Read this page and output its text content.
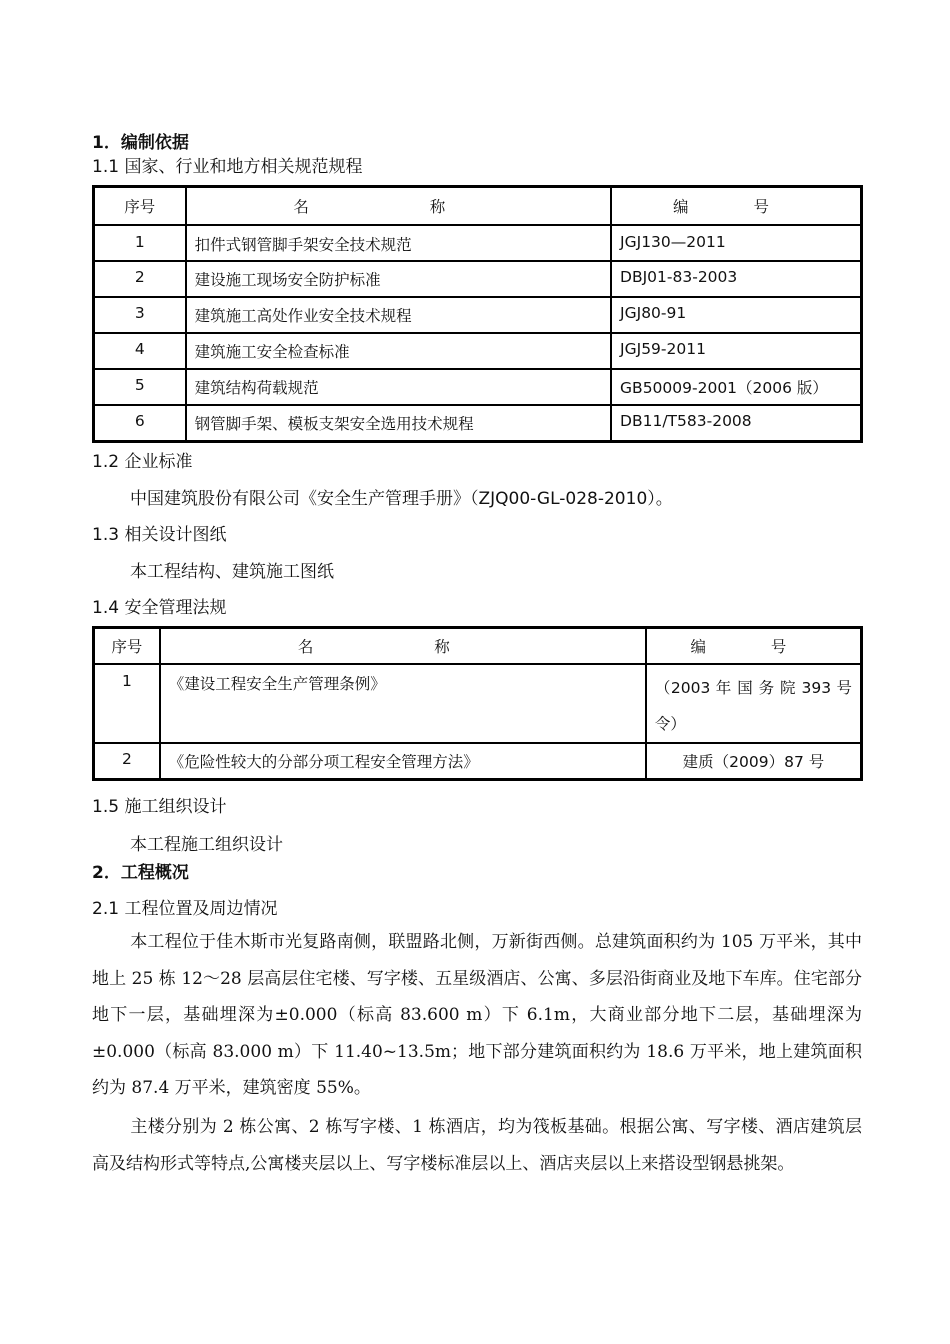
1．编制依据
1.1 国家、行业和地方相关规范规程
序号	名 称	编 号
1	扣件式钢管脚手架安全技术规范	JGJ130—2011
2	建设施工现场安全防护标准	DBJ01-83-2003
3	建筑施工高处作业安全技术规程	JGJ80-91
4	建筑施工安全检查标准	JGJ59-2011
5	建筑结构荷载规范	GB50009-2001（2006 版）
6	钢管脚手架、模板支架安全选用技术规程	DB11/T583-2008
1.2 企业标准
中国建筑股份有限公司《安全生产管理手册》（ZJQ00-GL-028-2010）。
1.3 相关设计图纸
本工程结构、建筑施工图纸
1.4 安全管理法规
序号	名 称	编 号
1	《建设工程安全生产管理条例》	（2003 年 国 务 院 393 号 令）
2	《危险性较大的分部分项工程安全管理方法》	建质（2009）87 号
1.5 施工组织设计
本工程施工组织设计
2．工程概况
2.1 工程位置及周边情况
本工程位于佳木斯市光复路南侧，联盟路北侧，万新街西侧。总建筑面积约为 105 万平米，其中地上 25 栋 12～28 层高层住宅楼、写字楼、五星级酒店、公寓、多层沿街商业及地下车库。住宅部分地下一层，基础埋深为±0.000（标高 83.600 m）下 6.1m，大商业部分地下二层，基础埋深为±0.000（标高 83.000 m）下 11.40~13.5m；地下部分建筑面积约为 18.6 万平米，地上建筑面积约为 87.4 万平米，建筑密度 55%。
主楼分别为 2 栋公寓、2 栋写字楼、1 栋酒店，均为筏板基础。根据公寓、写字楼、酒店建筑层高及结构形式等特点,公寓楼夹层以上、写字楼标准层以上、酒店夹层以上来搭设型钢悬挑架。
